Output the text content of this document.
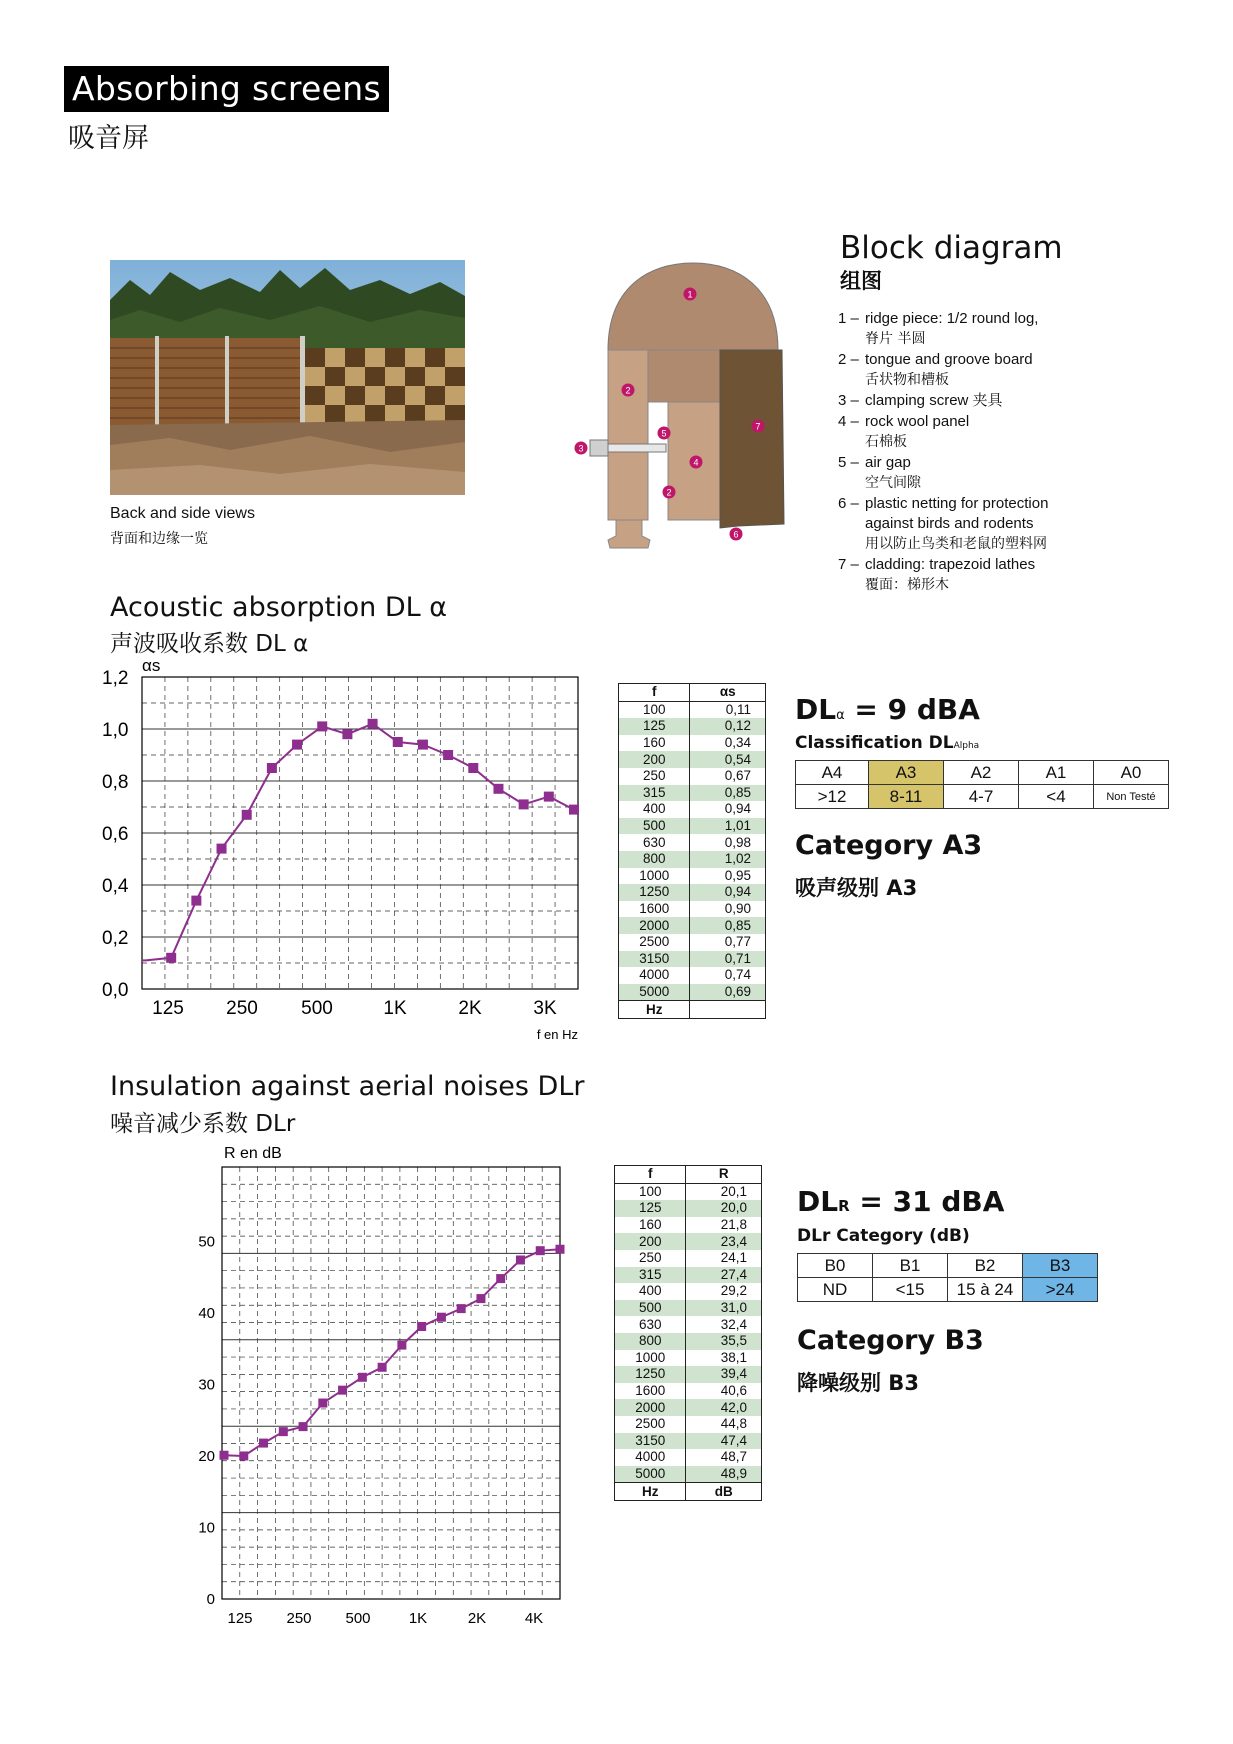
Absorbing screens
吸音屏
Back and side views
背面和边缘一览
1
2
3
4
5
2
6
7
Block diagram
组图
1 – ridge piece: 1/2 round log,
脊片 半圆
2 – tongue and groove board
舌状物和槽板
3 – clamping screw 夹具
4 – rock wool panel
石棉板
5 – air gap
空气间隙
6 – plastic netting for protection
against birds and rodents
用以防止鸟类和老鼠的塑料网
7 – cladding: trapezoid lathes
覆面：梯形木
Acoustic absorption DL α
声波吸收系数 DL α
αs
0,0
0,2
0,4
0,6
0,8
1,0
1,2
125 250 500	1K	2K	3K
f en Hz
f	αs
100	0,11
125	0,12
160	0,34
200	0,54
250	0,67
315	0,85
400	0,94
500	1,01
630	0,98
800	1,02
1000	0,95
1250	0,94
1600	0,90
2000	0,85
2500	0,77
3150	0,71
4000	0,74
5000	0,69
Hz	
DLα = 9 dBA
Classification DLAlpha
A4	A3	A2	A1	A0
>12	8-11	4-7	<4	Non Testé
Category A3
吸声级别 A3
Insulation against aerial noises DLr
噪音减少系数 DLr
R en dB
0
10
20
30
40
50
125 250 500	1K	2K	4K
f	R
100	20,1
125	20,0
160	21,8
200	23,4
250	24,1
315	27,4
400	29,2
500	31,0
630	32,4
800	35,5
1000	38,1
1250	39,4
1600	40,6
2000	42,0
2500	44,8
3150	47,4
4000	48,7
5000	48,9
Hz	dB
DLR = 31 dBA
DLr Category (dB)
B0	B1	B2	B3
ND	<15	15 à 24	>24
Category B3
降噪级别 B3
